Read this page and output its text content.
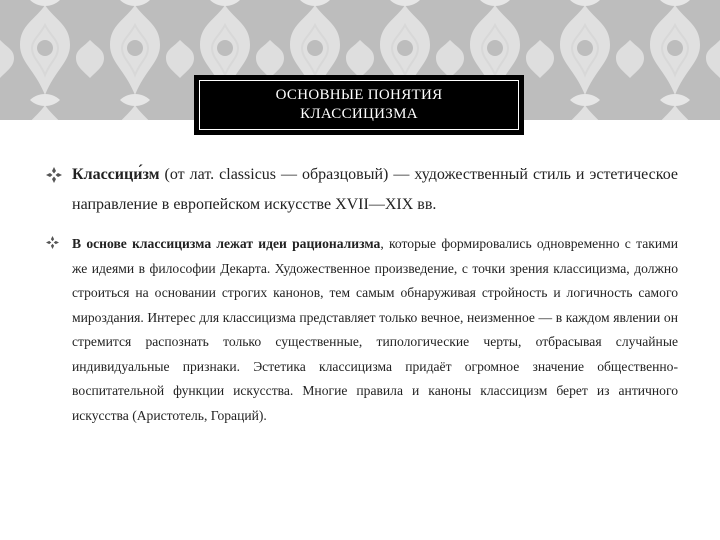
ОСНОВНЫЕ ПОНЯТИЯ
КЛАССИЦИЗМА
Классици́зм (от лат. classicus — образцовый) — художественный стиль и эстетическое направление в европейском искусстве XVII—XIX вв.
В основе классицизма лежат идеи рационализма, которые формировались одновременно с такими же идеями в философии Декарта. Художественное произведение, с точки зрения классицизма, должно строиться на основании строгих канонов, тем самым обнаруживая стройность и логичность самого мироздания. Интерес для классицизма представляет только вечное, неизменное — в каждом явлении он стремится распознать только существенные, типологические черты, отбрасывая случайные индивидуальные признаки. Эстетика классицизма придаёт огромное значение общественно-воспитательной функции искусства. Многие правила и каноны классицизм берет из античного искусства (Аристотель, Гораций).
